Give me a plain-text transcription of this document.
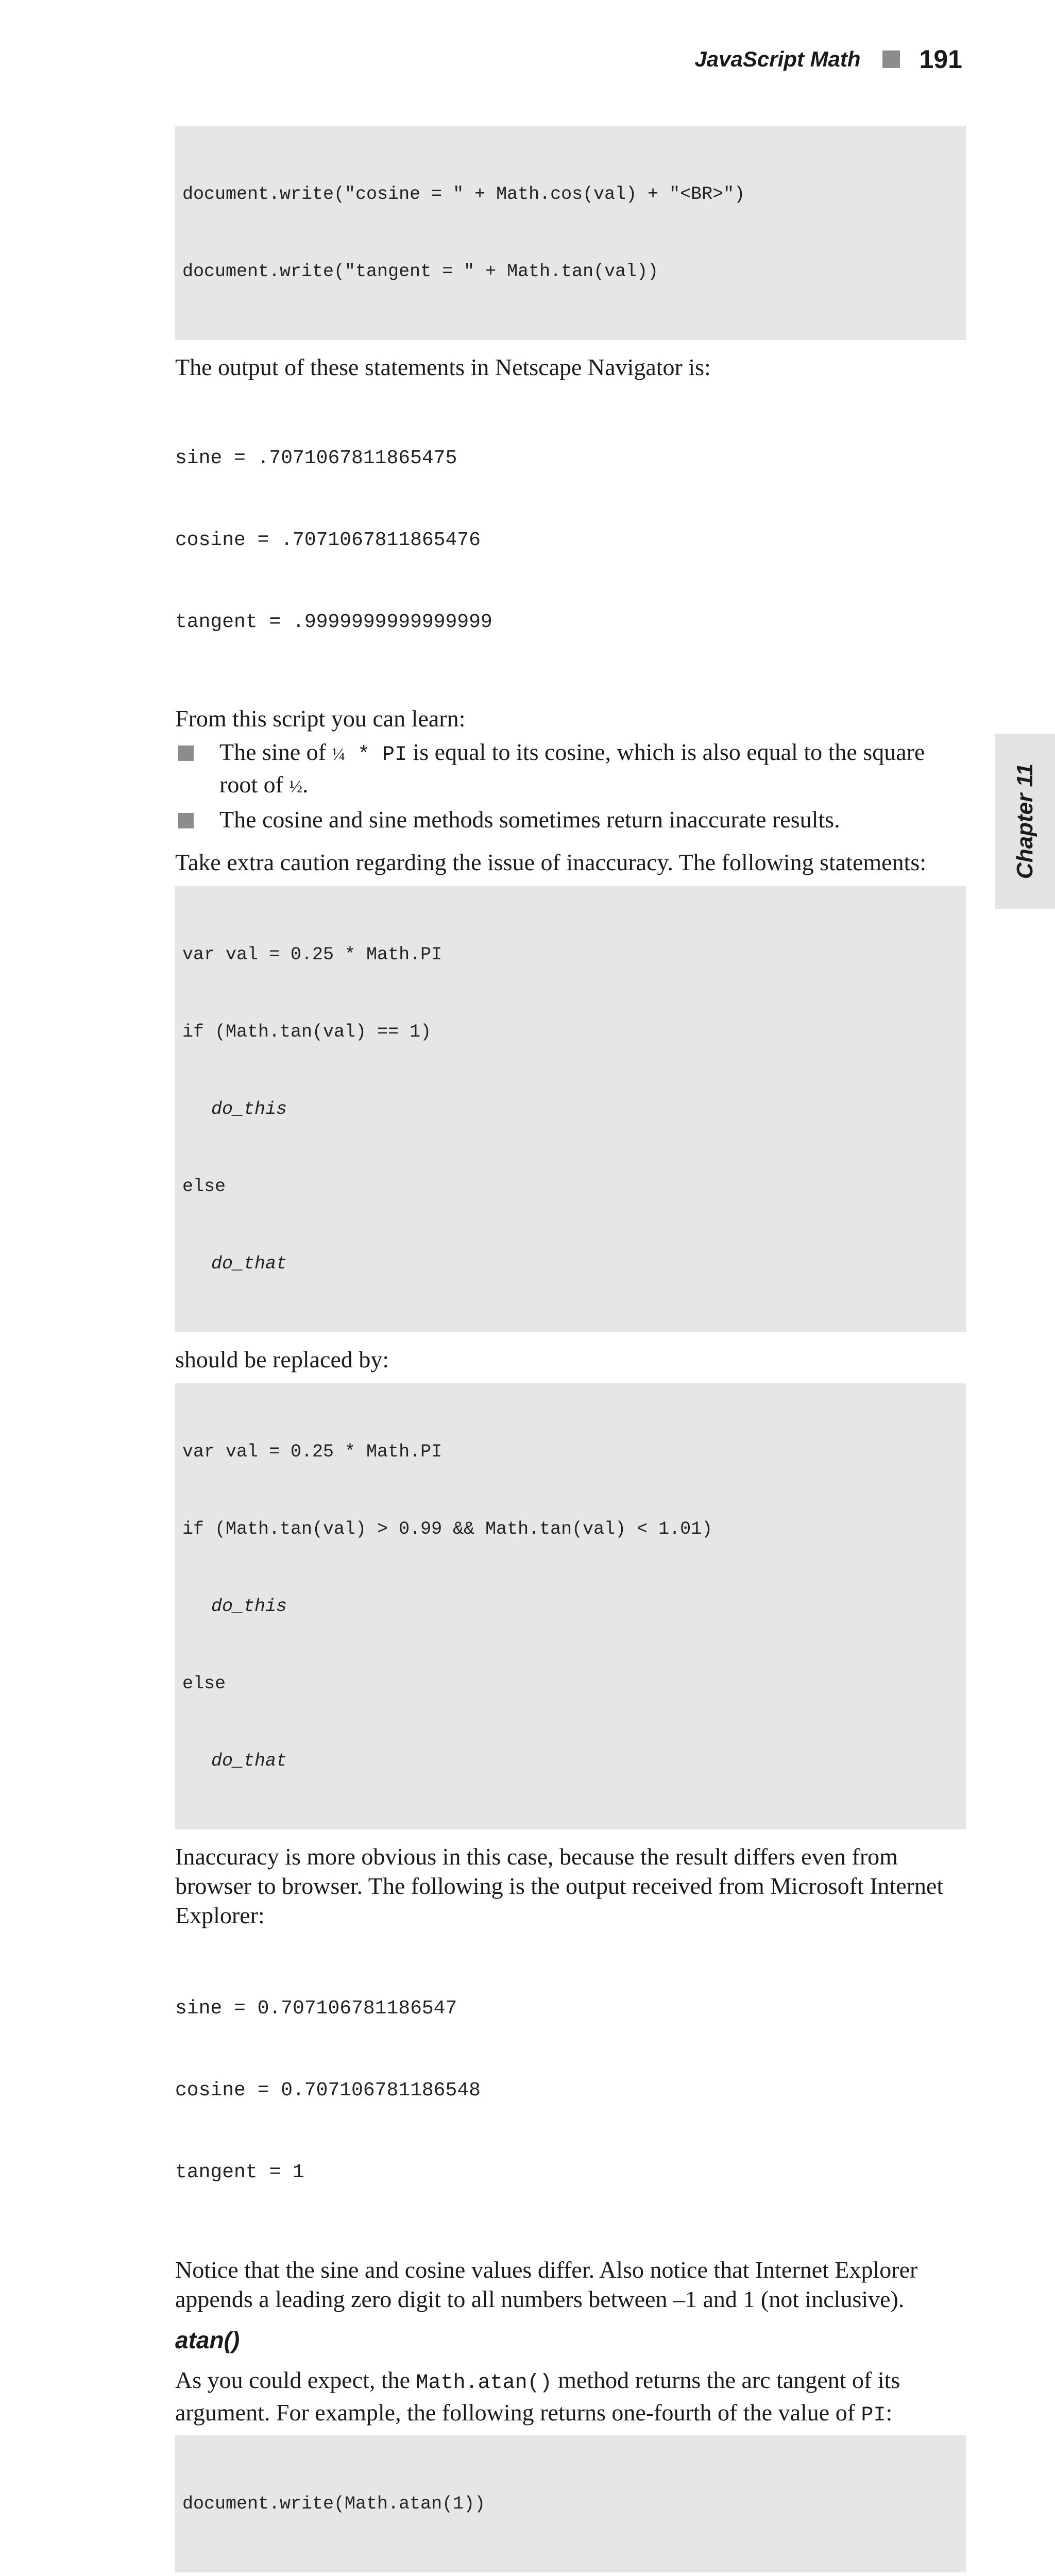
JavaScript Math 191

document.write("cosine = " + Math.cos(val) + "<BR>")

document.write("tangent = " + Math.tan(val))

The output of these statements in Netscape Navigator is:

sine = .7071067811865475

cosine = .7071067811865476

tangent = .9999999999999999

From this script you can learn:

The sine of ¼ * PI is equal to its cosine, which is also equal to the square root of ½.
The cosine and sine methods sometimes return inaccurate results.

Take extra caution regarding the issue of inaccuracy. The following statements:

var val = 0.25 * Math.PI

if (Math.tan(val) == 1)

do_this

else

do_that

should be replaced by:

var val = 0.25 * Math.PI

if (Math.tan(val) > 0.99 && Math.tan(val) < 1.01)

do_this

else

do_that

Inaccuracy is more obvious in this case, because the result differs even from browser to browser. The following is the output received from Microsoft Internet Explorer:

sine = 0.707106781186547

cosine = 0.707106781186548

tangent = 1

Notice that the sine and cosine values differ. Also notice that Internet Explorer appends a leading zero digit to all numbers between –1 and 1 (not inclusive).

atan()

As you could expect, the Math.atan() method returns the arc tangent of its argument. For example, the following returns one-fourth of the value of PI:

document.write(Math.atan(1))

Chapter 11
